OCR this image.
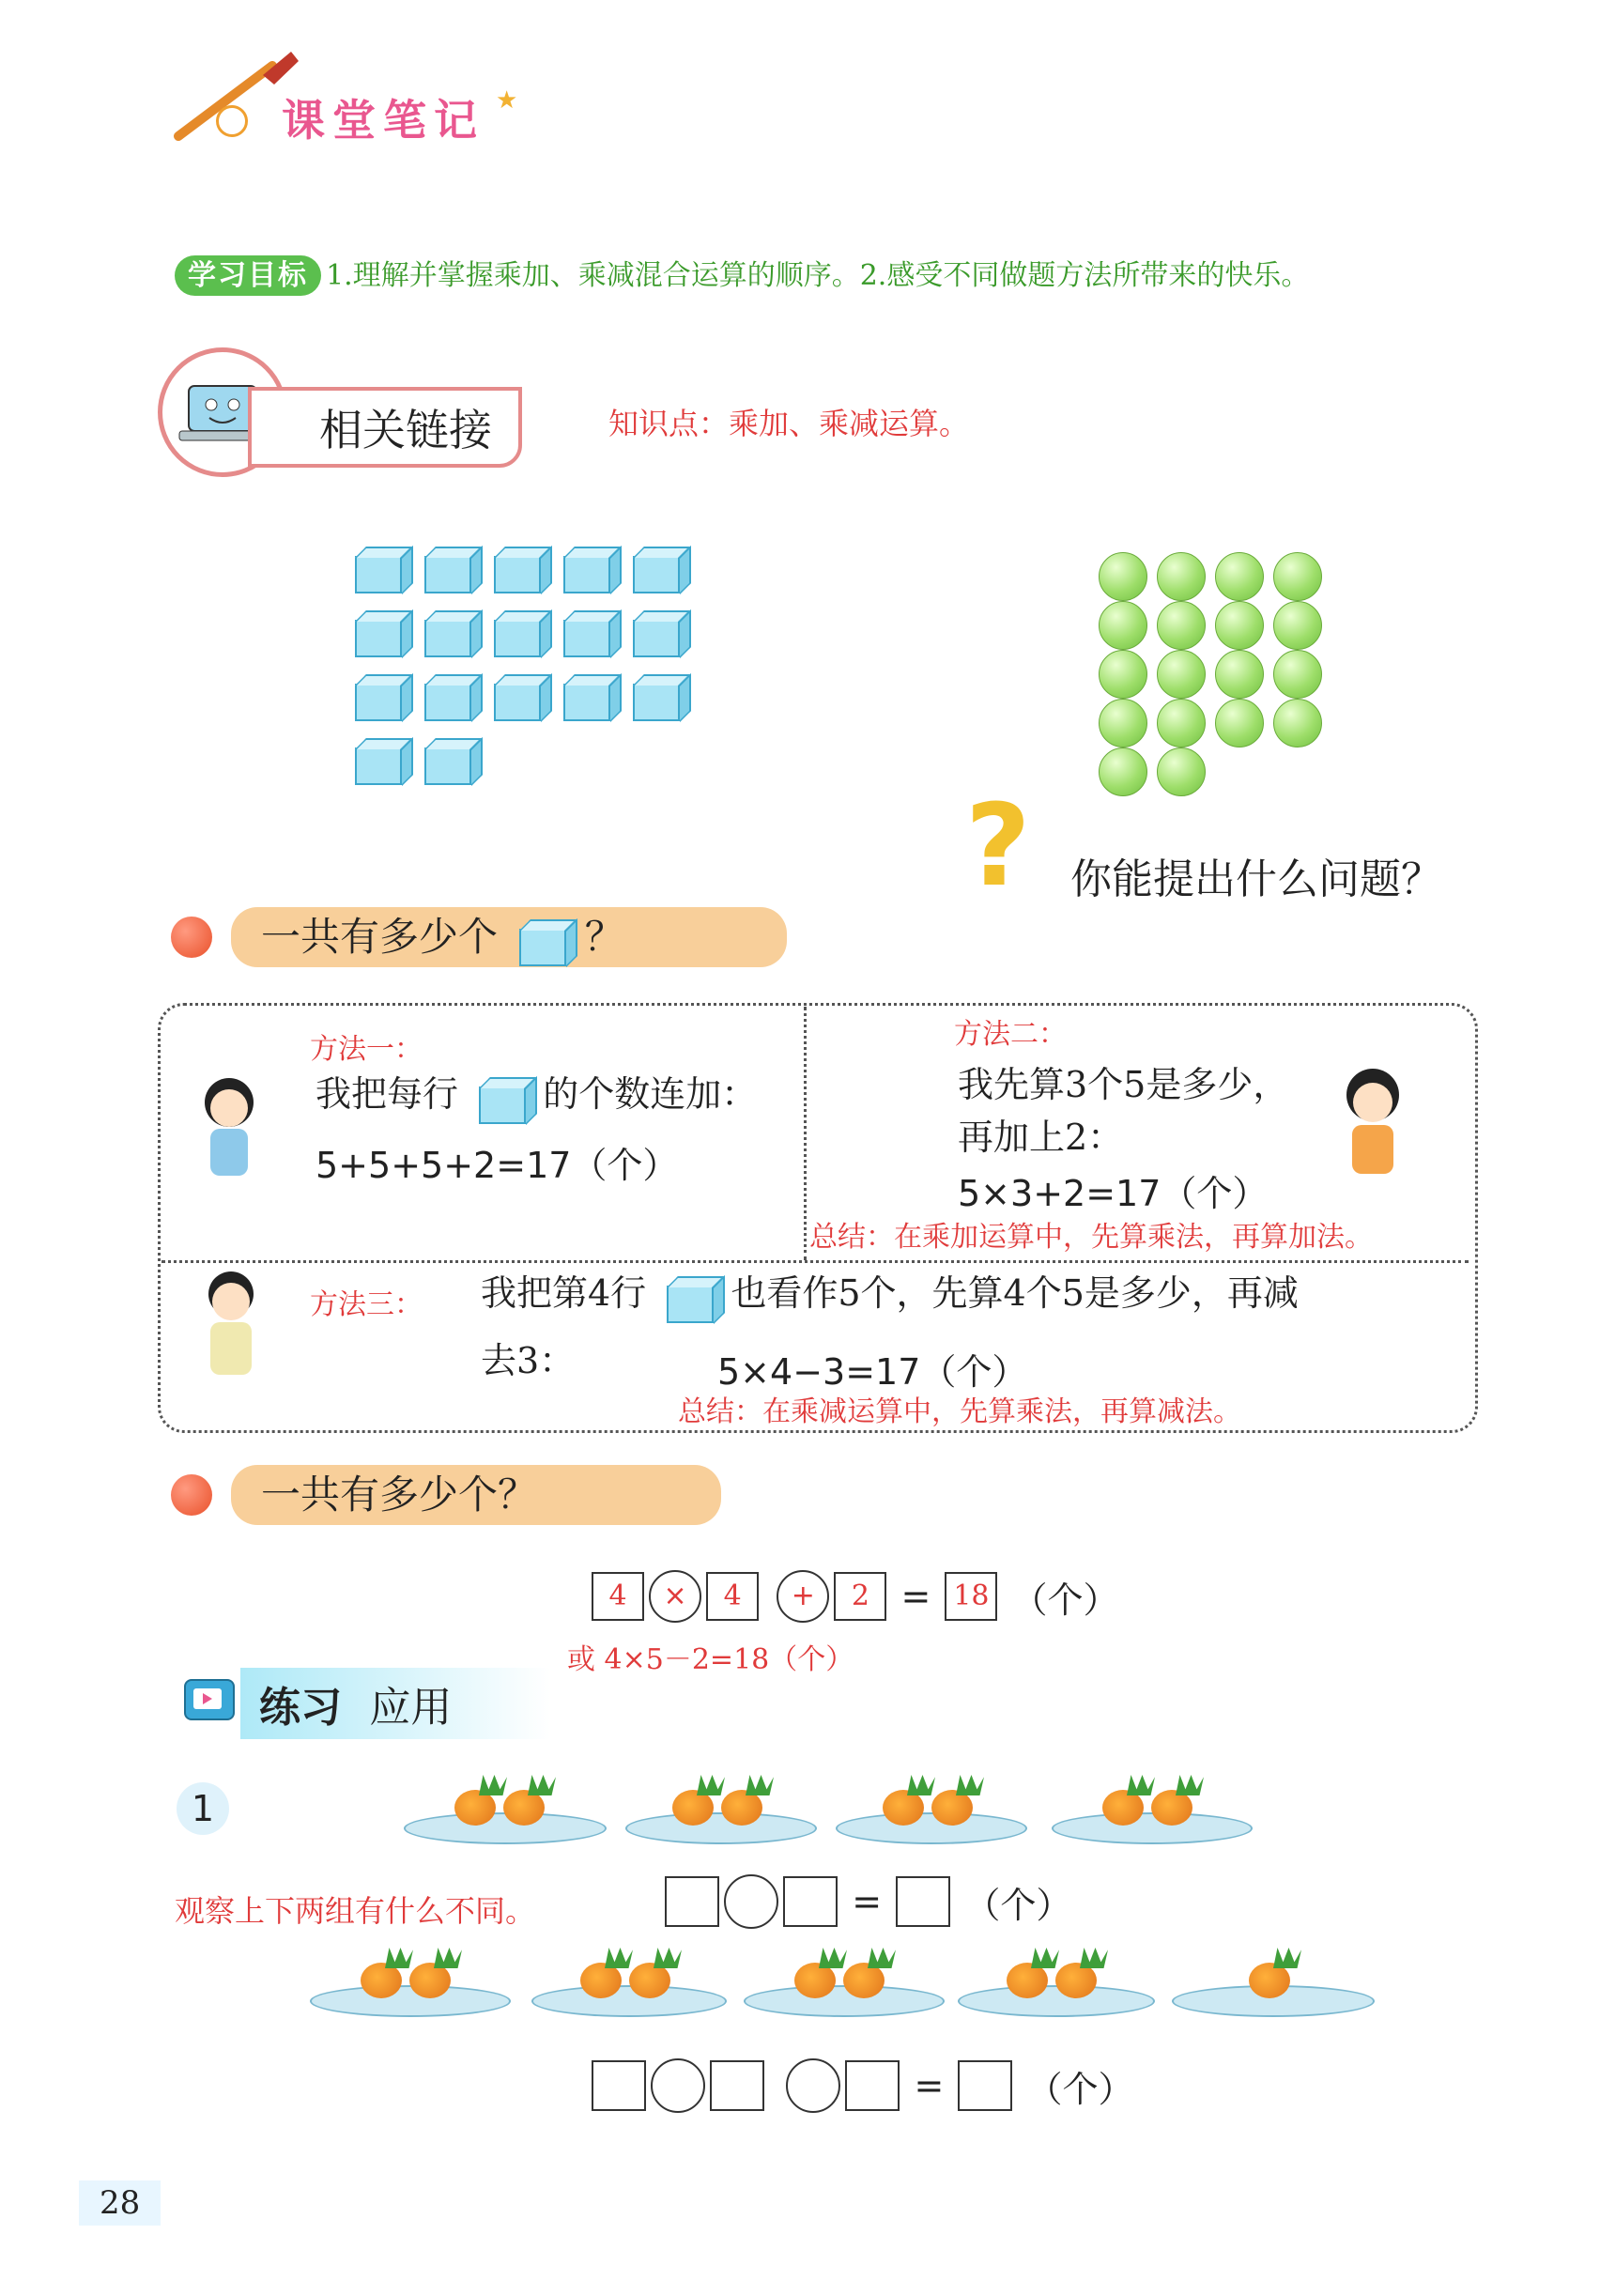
课堂笔记 ★
学习目标 1.理解并掌握乘加、乘减混合运算的顺序。2.感受不同做题方法所带来的快乐。
相关链接	知识点：乘加、乘减运算。
? 你能提出什么问题？
一共有多少个 ？
方法一：
我把每行 的个数连加：
5+5+5+2=17（个）
方法二：
我先算3个5是多少，
再加上2：
5×3+2=17（个）
总结：在乘加运算中，先算乘法，再算加法。
方法三： 我把第4行 也看作5个，先算4个5是多少，再减
去3：	5×4−3=17（个）
总结：在乘减运算中，先算乘法，再算减法。
一共有多少个？
4 × 4 + 2 = 18 （个）
或 4×5－2=18（个）
练习 应用
1
观察上下两组有什么不同。	= （个）
= （个）
28
